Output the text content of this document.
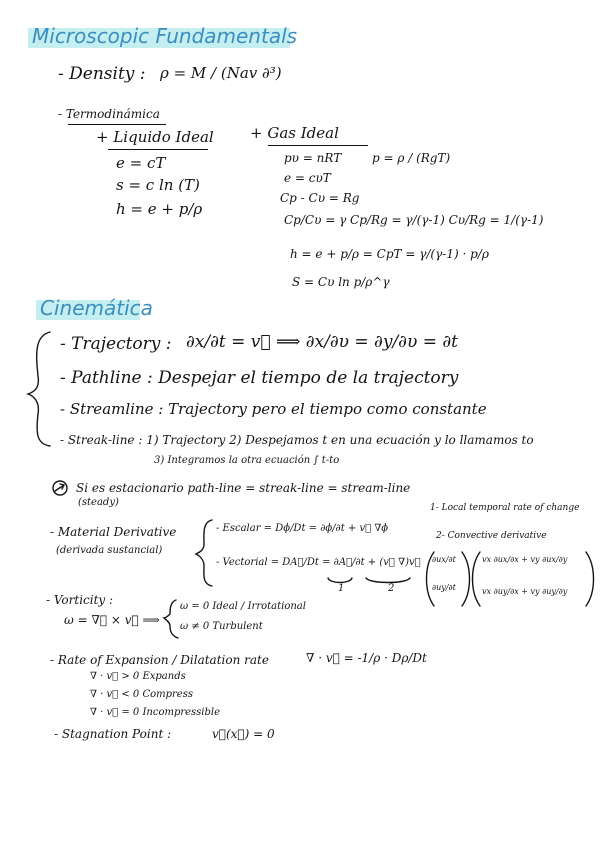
Microscopic Fundamentals
- Density : ρ = M / (Nav ∂³)
- Termodinámica
+ Liquido Ideal
e = cT
s = c ln (T)
h = e + p/ρ
+ Gas Ideal
pυ = nRT	p = ρ / (RgT)
e = cυT
Cp - Cυ = Rg
Cp/Cυ = γ Cp/Rg = γ/(γ-1) Cυ/Rg = 1/(γ-1)
h = e + p/ρ = CpT = γ/(γ-1) · p/ρ
S = Cυ ln p/ρ^γ
Cinemática
- Trajectory : ∂x/∂t = v⃗ ⟹ ∂x/∂υ = ∂y/∂υ = ∂t
- Pathline : Despejar el tiempo de la trajectory
- Streamline : Trajectory pero el tiempo como constante
- Streak-line : 1) Trajectory 2) Despejamos t en una ecuación y lo llamamos to
3) Integramos la otra ecuación ∫ t-to
Si es estacionario path-line = streak-line = stream-line
(steady)
- Material Derivative
(derivada sustancial)
- Escalar = Dϕ/Dt = ∂ϕ/∂t + v⃗ ∇ϕ
- Vectorial = DA⃗/Dt = ∂A⃗/∂t + (v⃗ ∇)v⃗
1	2
1- Local temporal rate of change
2- Convective derivative
∂ux/∂t
∂uy/∂t
vx ∂ux/∂x + vy ∂ux/∂y
vx ∂uy/∂x + vy ∂uy/∂y
- Vorticity :
ω = ∇⃗ × v⃗ ⟹
ω = 0 Ideal / Irrotational
ω ≠ 0 Turbulent
- Rate of Expansion / Dilatation rate	∇ · v⃗ = -1/ρ · Dρ/Dt
∇ · v⃗ > 0 Expands
∇ · v⃗ < 0 Compress
∇ · v⃗ = 0 Incompressible
- Stagnation Point :	v⃗(x⃗) = 0
